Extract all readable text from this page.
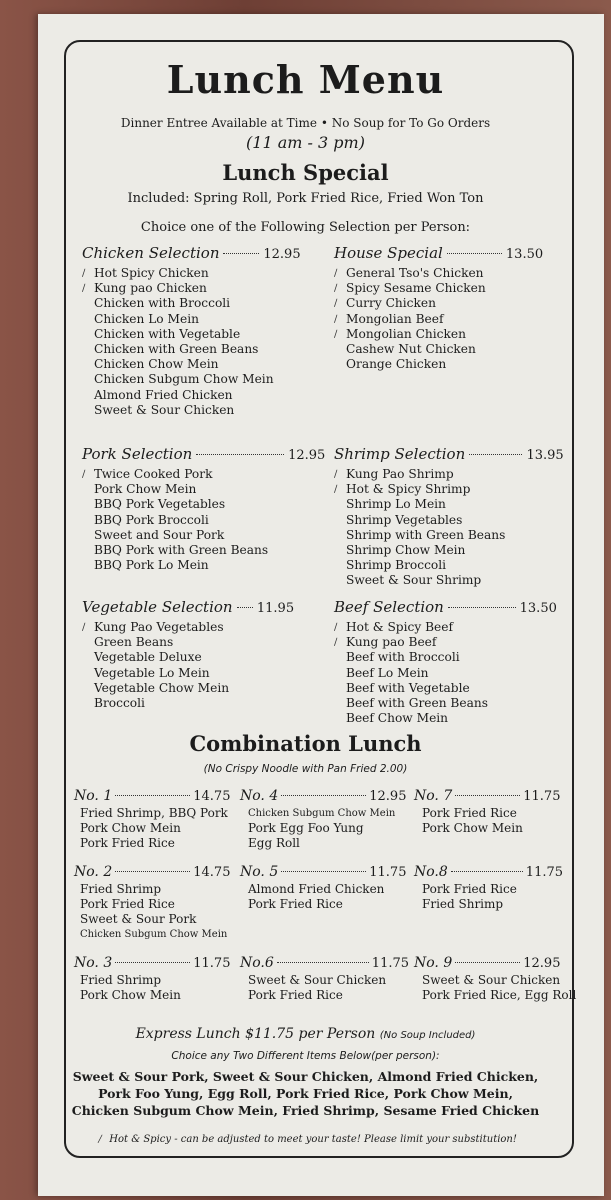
Lunch Menu
Dinner Entree Available at Time • No Soup for To Go Orders
(11 am - 3 pm)
Lunch Special
Included: Spring Roll, Pork Fried Rice, Fried Won Ton
Choice one of the Following Selection per Person:
Chicken Selection	12.95
∕ Hot Spicy Chicken
∕ Kung pao Chicken
Chicken with Broccoli
Chicken Lo Mein
Chicken with Vegetable
Chicken with Green Beans
Chicken Chow Mein
Chicken Subgum Chow Mein
Almond Fried Chicken
Sweet & Sour Chicken
House Special	13.50
∕ General Tso's Chicken
∕ Spicy Sesame Chicken
∕ Curry Chicken
∕ Mongolian Beef
∕ Mongolian Chicken
Cashew Nut Chicken
Orange Chicken
Pork Selection	12.95
∕ Twice Cooked Pork
Pork Chow Mein
BBQ Pork Vegetables
BBQ Pork Broccoli
Sweet and Sour Pork
BBQ Pork with Green Beans
BBQ Pork Lo Mein
Shrimp Selection	13.95
∕ Kung Pao Shrimp
∕ Hot & Spicy Shrimp
Shrimp Lo Mein
Shrimp Vegetables
Shrimp with Green Beans
Shrimp Chow Mein
Shrimp Broccoli
Sweet & Sour Shrimp
Vegetable Selection 11.95
∕ Kung Pao Vegetables
Green Beans
Vegetable Deluxe
Vegetable Lo Mein
Vegetable Chow Mein
Broccoli
Beef Selection	13.50
∕ Hot & Spicy Beef
∕ Kung pao Beef
Beef with Broccoli
Beef Lo Mein
Beef with Vegetable
Beef with Green Beans
Beef Chow Mein
Combination Lunch
(No Crispy Noodle with Pan Fried 2.00)
No. 1	14.75
Fried Shrimp, BBQ Pork
Pork Chow Mein
Pork Fried Rice
No. 4	12.95
Chicken Subgum Chow Mein
Pork Egg Foo Yung
Egg Roll
No. 7	11.75
Pork Fried Rice
Pork Chow Mein
No. 2	14.75
Fried Shrimp
Pork Fried Rice
Sweet & Sour Pork
Chicken Subgum Chow Mein
No. 5	11.75
Almond Fried Chicken
Pork Fried Rice
No.8	11.75
Pork Fried Rice
Fried Shrimp
No. 3	11.75
Fried Shrimp
Pork Chow Mein
No.6	11.75
Sweet & Sour Chicken
Pork Fried Rice
No. 9	12.95
Sweet & Sour Chicken
Pork Fried Rice, Egg Roll
Express Lunch $11.75 per Person (No Soup Included)
Choice any Two Different Items Below(per person):
Sweet & Sour Pork, Sweet & Sour Chicken, Almond Fried Chicken,
Pork Foo Yung, Egg Roll, Pork Fried Rice, Pork Chow Mein,
Chicken Subgum Chow Mein, Fried Shrimp, Sesame Fried Chicken
∕ Hot & Spicy - can be adjusted to meet your taste! Please limit your substitution!
